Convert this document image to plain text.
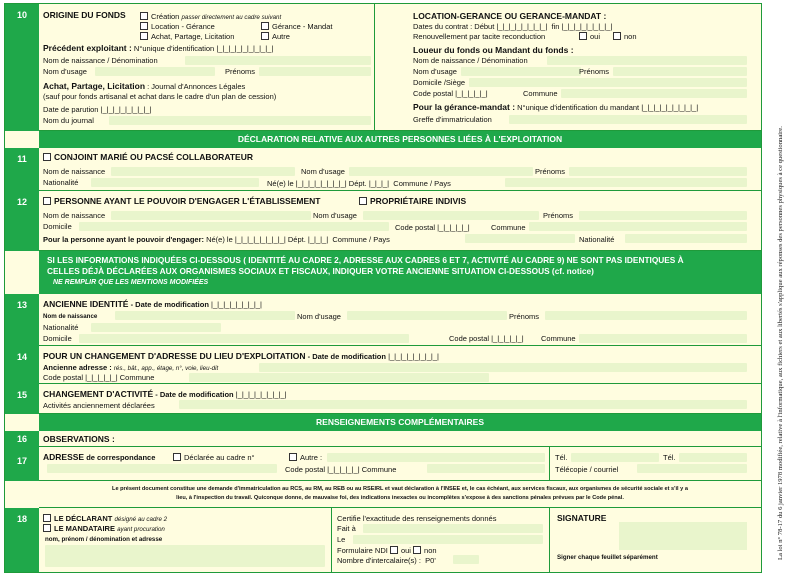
10	ORIGINE DU FONDS	Création passer directement au cadre suivant
Location - Gérance	Gérance - Mandat
Achat, Partage, Licitation	Autre
Précédent exploitant : N°unique d'identification |_|_|_|_|_|_|_|_|_|
Nom de naissance / Dénomination
Nom d'usage	Prénoms
Achat, Partage, Licitation : Journal d'Annonces Légales
(sauf pour fonds artisanal et achat dans le cadre d'un plan de cession)
Date de parution |_|_|_|_|_|_|_|_|
Nom du journal
LOCATION-GERANCE OU GERANCE-MANDAT :
Dates du contrat : Début |_|_|_|_|_|_|_|_|  fin |_|_|_|_|_|_|_|_|
Renouvellement par tacite reconduction	oui	non
Loueur du fonds ou Mandant du fonds :
Nom de naissance / Dénomination
Nom d'usage	Prénoms
Domicile /Siège
Code postal |_|_|_|_|_|	Commune
Pour la gérance-mandat : N°unique d'identification du mandant |_|_|_|_|_|_|_|_|_|
Greffe d'immatriculation
DÉCLARATION RELATIVE AUX AUTRES PERSONNES LIÉES À L'EXPLOITATION
11	CONJOINT MARIÉ OU PACSÉ COLLABORATEUR
Nom de naissance	Nom d'usage	Prénoms
Nationalité	Né(e) le |_|_|_|_|_|_|_|_| Dépt. |_|_|_| Commune / Pays
12	PERSONNE AYANT LE POUVOIR D'ENGAGER L'ÉTABLISSEMENT	PROPRIÉTAIRE INDIVIS
Nom de naissance	Nom d'usage	Prénoms
Domicile	Code postal |_|_|_|_|_|	Commune
Pour la personne ayant le pouvoir d'engager: Né(e) le |_|_|_|_|_|_|_|_| Dépt. |_|_|_| Commune / Pays	Nationalité
SI LES INFORMATIONS INDIQUÉES CI-DESSOUS ( IDENTITÉ AU CADRE 2, ADRESSE AUX CADRES 6 ET 7, ACTIVITÉ AU CADRE 9) NE SONT PAS IDENTIQUES À
CELLES DÉJÀ DÉCLARÉES AUX ORGANISMES SOCIAUX ET FISCAUX, INDIQUER VOTRE ANCIENNE SITUATION CI-DESSOUS (cf. notice)
NE REMPLIR QUE LES MENTIONS MODIFIÉES
13	ANCIENNE IDENTITÉ - Date de modification |_|_|_|_|_|_|_|_|
Nom de naissance	Nom d'usage	Prénoms
Nationalité
Domicile	Code postal |_|_|_|_|_| Commune
14	POUR UN CHANGEMENT D'ADRESSE DU LIEU D'EXPLOITATION - Date de modification |_|_|_|_|_|_|_|_|
Ancienne adresse : rés., bât., app., étage, n°, voie, lieu-dit
Code postal |_|_|_|_|_| Commune
15	CHANGEMENT D'ACTIVITÉ - Date de modification |_|_|_|_|_|_|_|_|
Activités anciennement déclarées
RENSEIGNEMENTS COMPLÉMENTAIRES
16	OBSERVATIONS :
17	ADRESSE de correspondance	Déclarée au cadre n°	Autre :
Code postal |_|_|_|_|_| Commune
Tél.	Tél.
Télécopie / courriel
Le présent document constitue une demande d'immatriculation au RCS, au RM, au REB ou au RSEIRL et vaut déclaration à l'INSEE et, le cas échéant, aux services fiscaux, aux organismes de sécurité sociale et s'il y a
lieu, à l'inspection du travail. Quiconque donne, de mauvaise foi, des indications inexactes ou incomplètes s'expose à des sanctions pénales prévues par le Code pénal.
18	LE DÉCLARANT désigné au cadre 2
LE MANDATAIRE ayant procuration
nom, prénom / dénomination et adresse
Certifie l'exactitude des renseignements donnés
Fait à
Le
Formulaire NDI oui non
Nombre d'intercalaire(s) : P0'
SIGNATURE
Signer chaque feuillet séparément	La loi n° 78-17 du 6 janvier 1978 modifiée, relative à l'informatique, aux fichiers et aux libertés s'applique aux réponses des personnes physiques à ce questionnaire.
